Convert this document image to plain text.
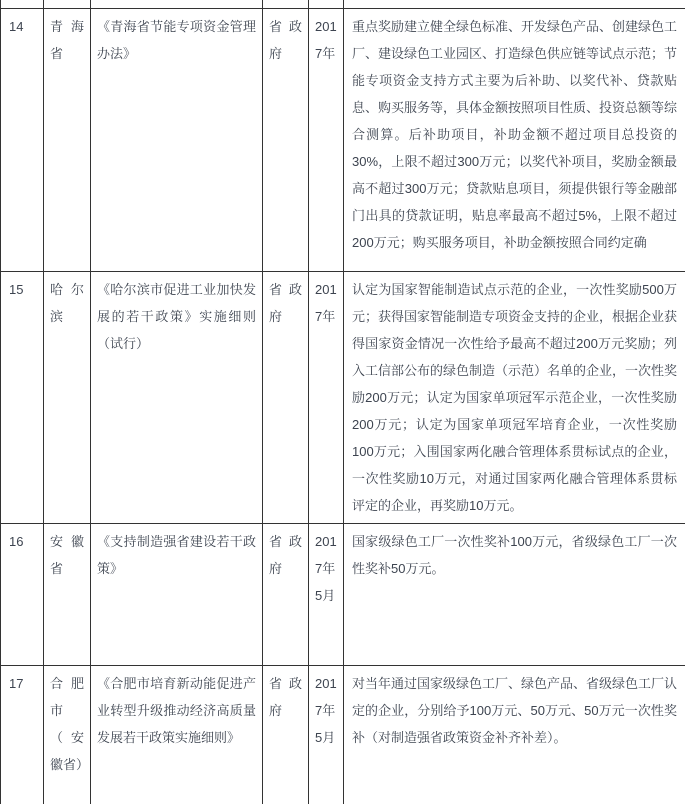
14	青海省	《青海省节能专项资金管理办法》	省政府	2017年	重点奖励建立健全绿色标准、开发绿色产品、创建绿色工厂、建设绿色工业园区、打造绿色供应链等试点示范；节能专项资金支持方式主要为后补助、以奖代补、贷款贴息、购买服务等，具体金额按照项目性质、投资总额等综合测算。后补助项目，补助金额不超过项目总投资的30%，上限不超过300万元；以奖代补项目，奖励金额最高不超过300万元；贷款贴息项目，须提供银行等金融部门出具的贷款证明，贴息率最高不超过5%，上限不超过200万元；购买服务项目，补助金额按照合同约定确
15	哈尔滨	《哈尔滨市促进工业加快发展的若干政策》实施细则（试行）	省政府	2017年	认定为国家智能制造试点示范的企业，一次性奖励500万元；获得国家智能制造专项资金支持的企业，根据企业获得国家资金情况一次性给予最高不超过200万元奖励；列入工信部公布的绿色制造（示范）名单的企业，一次性奖励200万元；认定为国家单项冠军示范企业，一次性奖励200万元；认定为国家单项冠军培育企业，一次性奖励100万元；入围国家两化融合管理体系贯标试点的企业，一次性奖励10万元，对通过国家两化融合管理体系贯标评定的企业，再奖励10万元。
16	安徽省	《支持制造强省建设若干政策》	省政府	2017年5月	国家级绿色工厂一次性奖补100万元，省级绿色工厂一次性奖补50万元。
17	合肥市（安徽省）	《合肥市培育新动能促进产业转型升级推动经济高质量发展若干政策实施细则》	省政府	2017年5月	对当年通过国家级绿色工厂、绿色产品、省级绿色工厂认定的企业，分别给予100万元、50万元、50万元一次性奖补（对制造强省政策资金补齐补差）。
